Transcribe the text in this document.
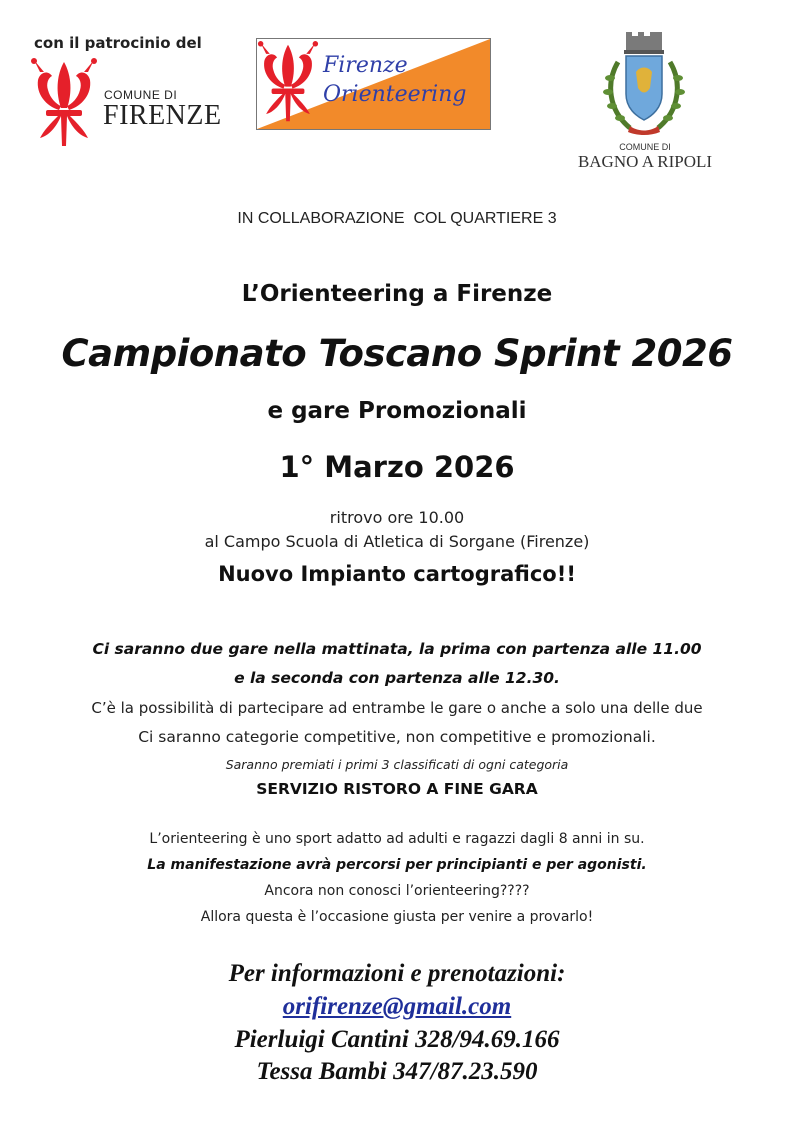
con il patrocinio del
COMUNE DI
FIRENZE
Firenze
Orienteering
COMUNE DI
BAGNO A RIPOLI
IN COLLABORAZIONE  COL QUARTIERE 3
L’Orienteering a Firenze
Campionato Toscano Sprint 2026
e gare Promozionali
1° Marzo 2026
ritrovo ore 10.00
al Campo Scuola di Atletica di Sorgane (Firenze)
Nuovo Impianto cartografico!!
Ci saranno due gare nella mattinata, la prima con partenza alle 11.00
e la seconda con partenza alle 12.30.
C’è la possibilità di partecipare ad entrambe le gare o anche a solo una delle due
Ci saranno categorie competitive, non competitive e promozionali.
Saranno premiati i primi 3 classificati di ogni categoria
SERVIZIO RISTORO A FINE GARA
L’orienteering è uno sport adatto ad adulti e ragazzi dagli 8 anni in su.
La manifestazione avrà percorsi per principianti e per agonisti.
Ancora non conosci l’orienteering????
Allora questa è l’occasione giusta per venire a provarlo!
Per informazioni e prenotazioni:
orifirenze@gmail.com
Pierluigi Cantini 328/94.69.166
Tessa Bambi 347/87.23.590
